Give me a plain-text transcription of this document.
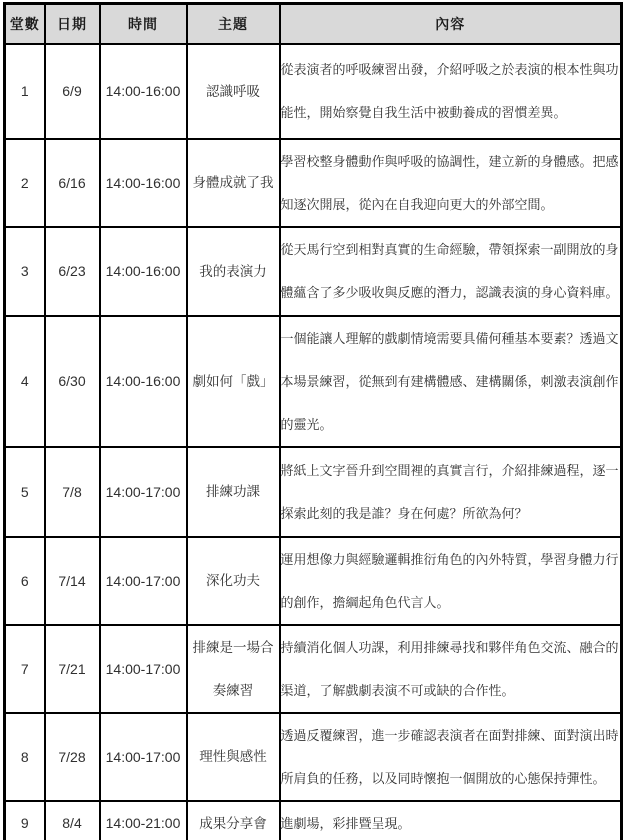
堂數	日期	時間	主題	內容
1	6/9	14:00-16:00	認識呼吸	從表演者的呼吸練習出發，介紹呼吸之於表演的根本性與功能性，開始察覺自我生活中被動養成的習慣差異。
2	6/16	14:00-16:00	身體成就了我	學習校整身體動作與呼吸的協調性，建立新的身體感。把感知逐次開展，從內在自我迎向更大的外部空間。
3	6/23	14:00-16:00	我的表演力	從天馬行空到相對真實的生命經驗，帶領探索一副開放的身體蘊含了多少吸收與反應的潛力，認識表演的身心資料庫。
4	6/30	14:00-16:00	劇如何「戲」	一個能讓人理解的戲劇情境需要具備何種基本要素？透過文本場景練習，從無到有建構體感、建構關係，刺激表演創作的靈光。
5	7/8	14:00-17:00	排練功課	將紙上文字晉升到空間裡的真實言行，介紹排練過程，逐一探索此刻的我是誰？身在何處？所欲為何？
6	7/14	14:00-17:00	深化功夫	運用想像力與經驗邏輯推衍角色的內外特質，學習身體力行的創作，擔綱起角色代言人。
7	7/21	14:00-17:00	排練是一場合奏練習	持續消化個人功課，利用排練尋找和夥伴角色交流、融合的渠道，了解戲劇表演不可或缺的合作性。
8	7/28	14:00-17:00	理性與感性	透過反覆練習，進一步確認表演者在面對排練、面對演出時所肩負的任務，以及同時懷抱一個開放的心態保持彈性。
9	8/4	14:00-21:00	成果分享會	進劇場，彩排暨呈現。
